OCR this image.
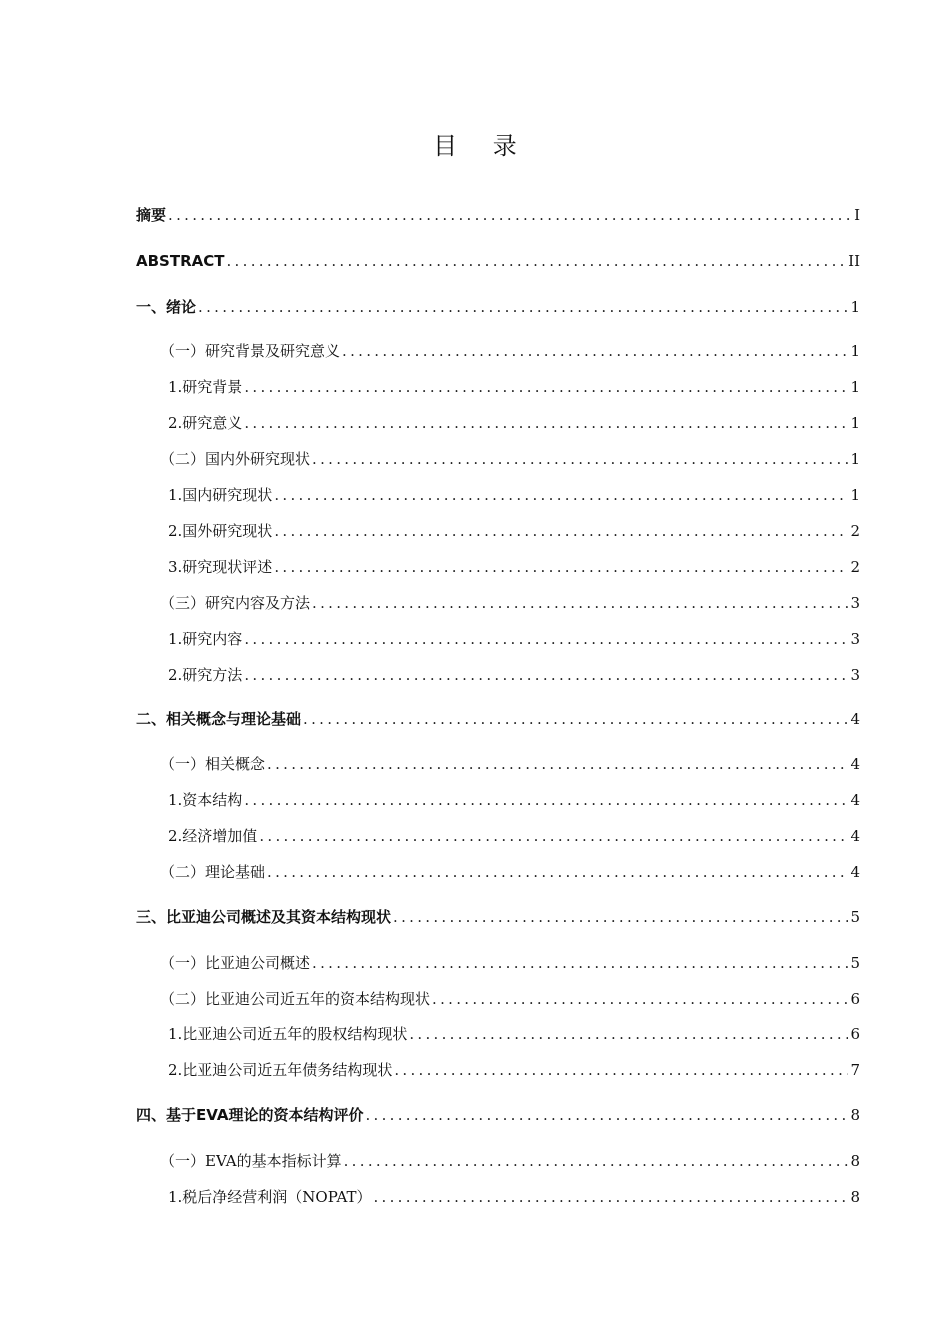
目 录
摘要 .....	I
ABSTRACT .....	II
一、绪论 .....	1
（一）研究背景及研究意义 .....	1
1.研究背景 .....	1
2.研究意义 .....	1
（二）国内外研究现状 .....	1
1.国内研究现状 .....	1
2.国外研究现状 .....	2
3.研究现状评述 .....	2
（三）研究内容及方法 .....	3
1.研究内容 .....	3
2.研究方法 .....	3
二、相关概念与理论基础 .....	4
（一）相关概念 .....	4
1.资本结构 .....	4
2.经济增加值 .....	4
（二）理论基础 .....	4
三、比亚迪公司概述及其资本结构现状 .....	5
（一）比亚迪公司概述 .....	5
（二）比亚迪公司近五年的资本结构现状 .....	6
1.比亚迪公司近五年的股权结构现状 .....	6
2.比亚迪公司近五年债务结构现状 .....	7
四、基于EVA理论的资本结构评价 .....	8
（一）EVA的基本指标计算 .....	8
1.税后净经营利润（NOPAT） .....	8
